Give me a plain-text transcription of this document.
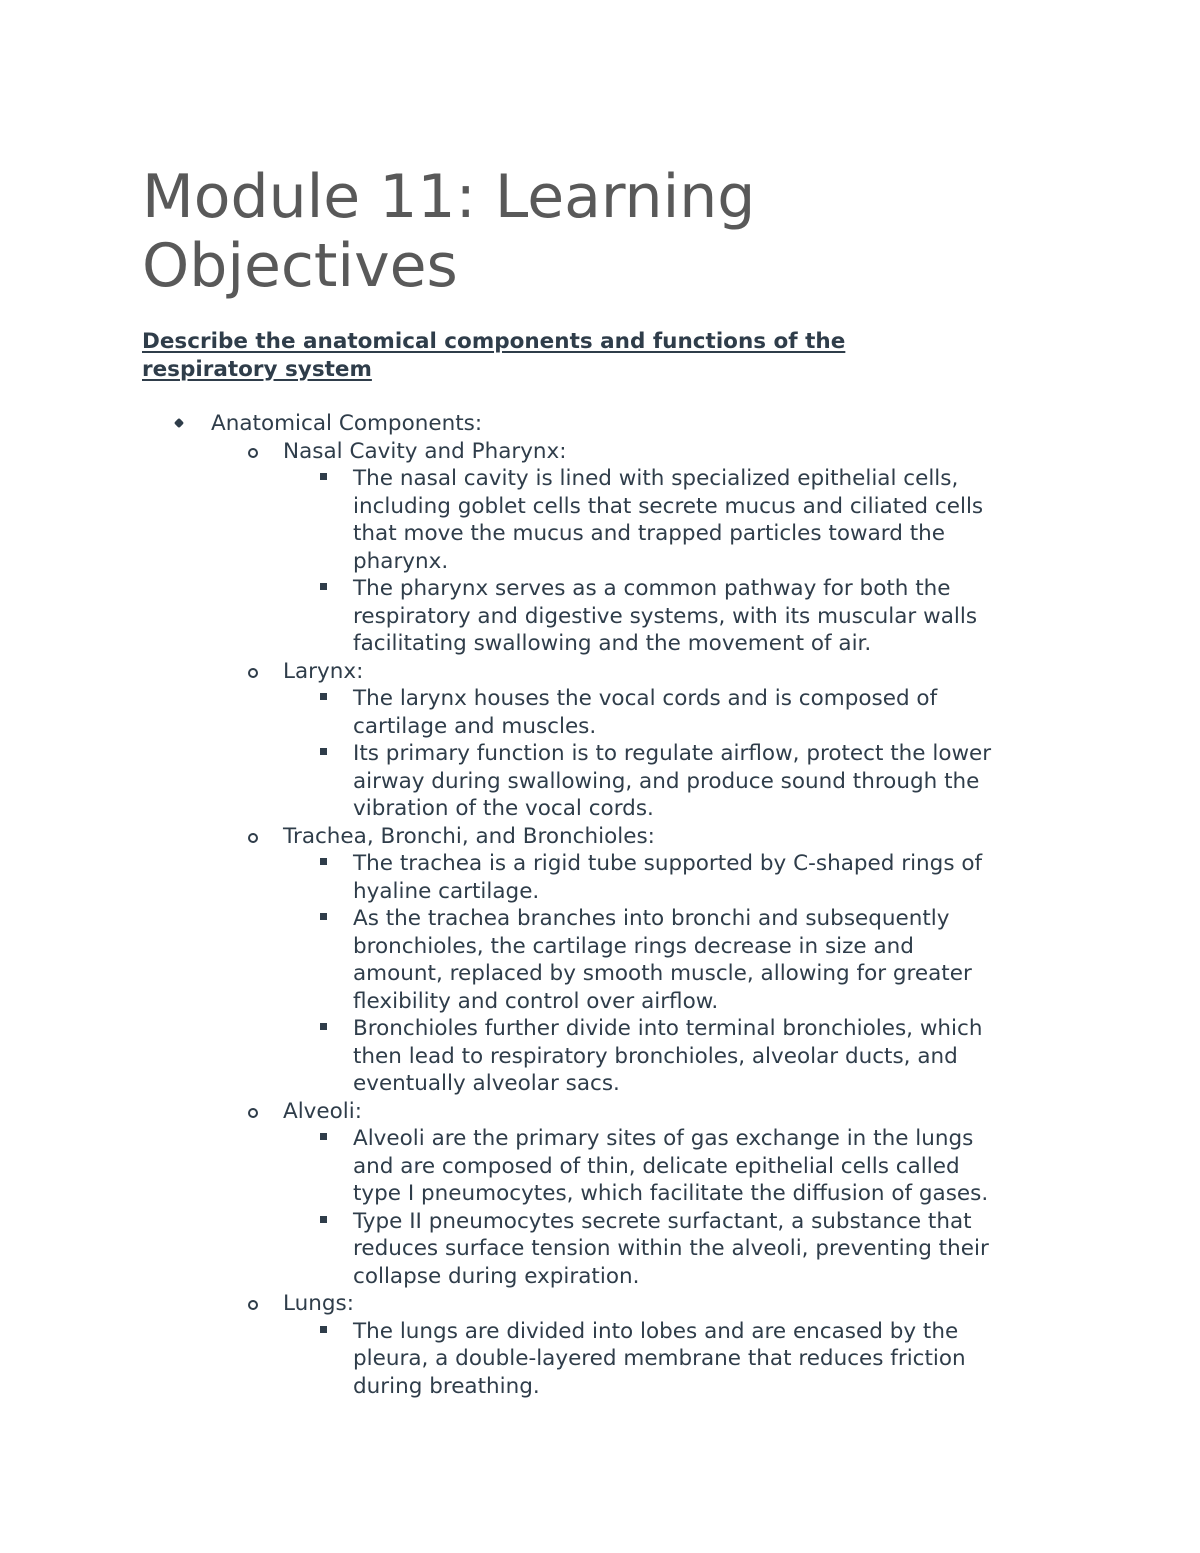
Module 11: Learning
Objectives
Describe the anatomical components and functions of the
respiratory system
Anatomical Components:
Nasal Cavity and Pharynx:
The nasal cavity is lined with specialized epithelial cells,
including goblet cells that secrete mucus and ciliated cells
that move the mucus and trapped particles toward the
pharynx.
The pharynx serves as a common pathway for both the
respiratory and digestive systems, with its muscular walls
facilitating swallowing and the movement of air.
Larynx:
The larynx houses the vocal cords and is composed of
cartilage and muscles.
Its primary function is to regulate airflow, protect the lower
airway during swallowing, and produce sound through the
vibration of the vocal cords.
Trachea, Bronchi, and Bronchioles:
The trachea is a rigid tube supported by C-shaped rings of
hyaline cartilage.
As the trachea branches into bronchi and subsequently
bronchioles, the cartilage rings decrease in size and
amount, replaced by smooth muscle, allowing for greater
flexibility and control over airflow.
Bronchioles further divide into terminal bronchioles, which
then lead to respiratory bronchioles, alveolar ducts, and
eventually alveolar sacs.
Alveoli:
Alveoli are the primary sites of gas exchange in the lungs
and are composed of thin, delicate epithelial cells called
type I pneumocytes, which facilitate the diffusion of gases.
Type II pneumocytes secrete surfactant, a substance that
reduces surface tension within the alveoli, preventing their
collapse during expiration.
Lungs:
The lungs are divided into lobes and are encased by the
pleura, a double-layered membrane that reduces friction
during breathing.
